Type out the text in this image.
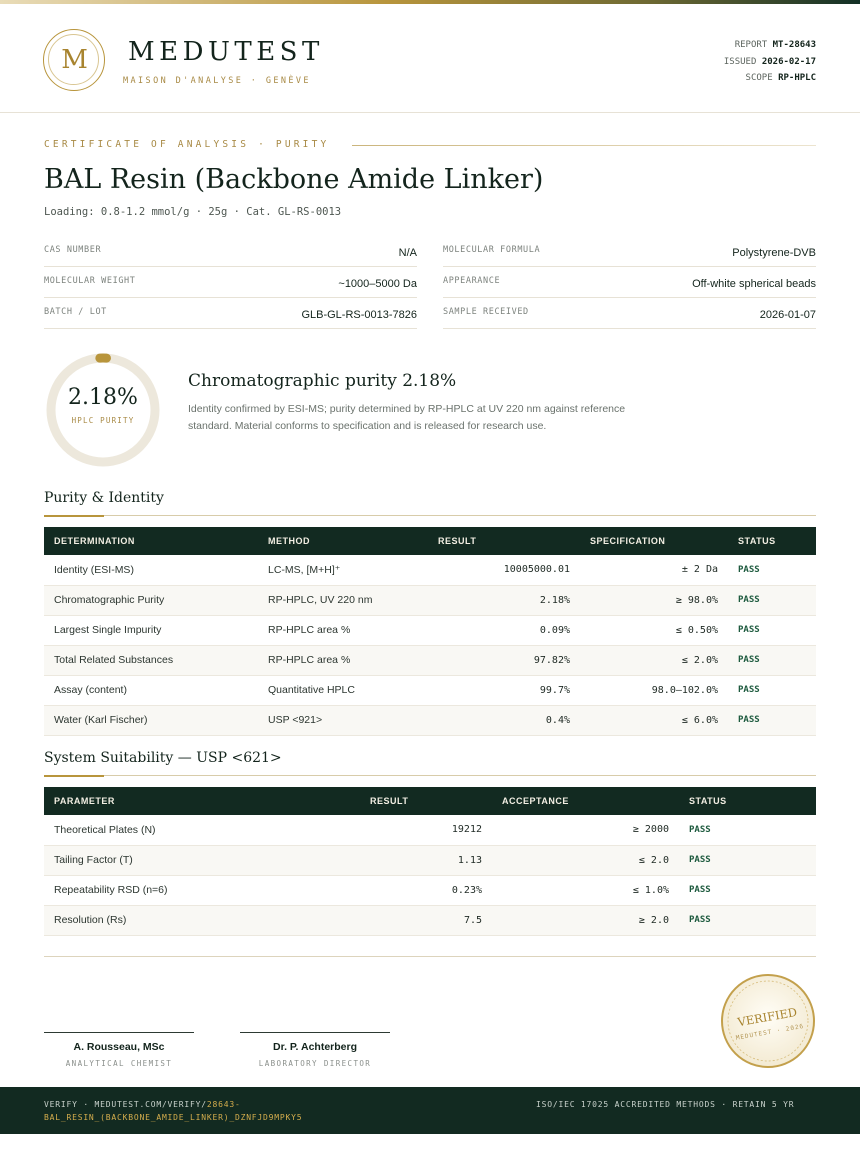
M	MEDUTEST
MAISON D'ANALYSE · GENÈVE
REPORT MT-28643
ISSUED 2026-02-17
SCOPE RP-HPLC
CERTIFICATE OF ANALYSIS · PURITY
BAL Resin (Backbone Amide Linker)
Loading: 0.8-1.2 mmol/g · 25g · Cat. GL-RS-0013
CAS NUMBER	N/A	MOLECULAR FORMULA	Polystyrene-DVB
MOLECULAR WEIGHT	~1000–5000 Da	APPEARANCE	Off-white spherical beads
BATCH / LOT	GLB-GL-RS-0013-7826	SAMPLE RECEIVED	2026-01-07
2.18%
HPLC PURITY
Chromatographic purity 2.18%
Identity confirmed by ESI-MS; purity determined by RP-HPLC at UV 220 nm against reference standard. Material conforms to specification and is released for research use.
Purity & Identity
DETERMINATION	METHOD	RESULT	SPECIFICATION	STATUS
Identity (ESI-MS)	LC-MS, [M+H]⁺	10005000.01	± 2 Da	PASS
Chromatographic Purity	RP-HPLC, UV 220 nm	2.18%	≥ 98.0%	PASS
Largest Single Impurity	RP-HPLC area %	0.09%	≤ 0.50%	PASS
Total Related Substances	RP-HPLC area %	97.82%	≤ 2.0%	PASS
Assay (content)	Quantitative HPLC	99.7%	98.0–102.0%	PASS
Water (Karl Fischer)	USP <921>	0.4%	≤ 6.0%	PASS
System Suitability — USP <621>
PARAMETER	RESULT	ACCEPTANCE	STATUS
Theoretical Plates (N)	19212	≥ 2000	PASS
Tailing Factor (T)	1.13	≤ 2.0	PASS
Repeatability RSD (n=6)	0.23%	≤ 1.0%	PASS
Resolution (Rs)	7.5	≥ 2.0	PASS
A. Rousseau, MSc
ANALYTICAL CHEMIST
Dr. P. Achterberg
LABORATORY DIRECTOR
VERIFIED
MEDUTEST · 2026
VERIFY · MEDUTEST.COM/VERIFY/28643-BAL_RESIN_(BACKBONE_AMIDE_LINKER)_DZNFJD9MPKY5
ISO/IEC 17025 ACCREDITED METHODS · RETAIN 5 YR
